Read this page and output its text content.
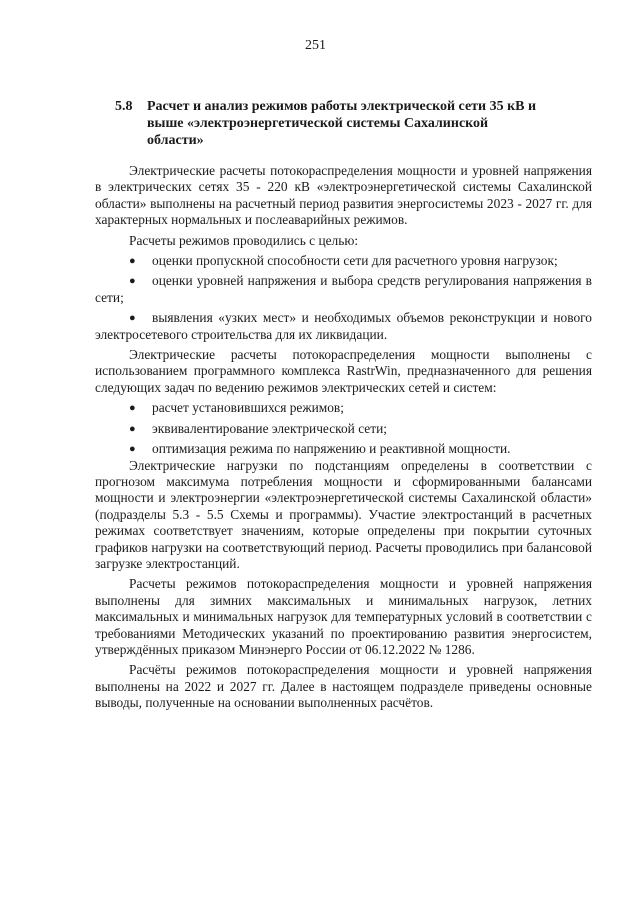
251
5.8 Расчет и анализ режимов работы электрической сети 35 кВ и выше «электроэнергетической системы Сахалинской области»

Электрические расчеты потокораспределения мощности и уровней напряжения в электрических сетях 35 - 220 кВ «электроэнергетической системы Сахалинской области» выполнены на расчетный период развития энергосистемы 2023 - 2027 гг. для характерных нормальных и послеаварийных режимов.

Расчеты режимов проводились с целью:

● оценки пропускной способности сети для расчетного уровня нагрузок;
● оценки уровней напряжения и выбора средств регулирования напряжения в сети;
● выявления «узких мест» и необходимых объемов реконструкции и нового электросетевого строительства для их ликвидации.

Электрические расчеты потокораспределения мощности выполнены с использованием программного комплекса RastrWin, предназначенного для решения следующих задач по ведению режимов электрических сетей и систем:

● расчет установившихся режимов;
● эквивалентирование электрической сети;
● оптимизация режима по напряжению и реактивной мощности.

Электрические нагрузки по подстанциям определены в соответствии с прогнозом максимума потребления мощности и сформированными балансами мощности и электроэнергии «электроэнергетической системы Сахалинской области» (подразделы 5.3 - 5.5 Схемы и программы). Участие электростанций в расчетных режимах соответствует значениям, которые определены при покрытии суточных графиков нагрузки на соответствующий период. Расчеты проводились при балансовой загрузке электростанций.

Расчеты режимов потокораспределения мощности и уровней напряжения выполнены для зимних максимальных и минимальных нагрузок, летних максимальных и минимальных нагрузок для температурных условий в соответствии с требованиями Методических указаний по проектированию развития энергосистем, утверждённых приказом Минэнерго России от 06.12.2022 № 1286.

Расчёты режимов потокораспределения мощности и уровней напряжения выполнены на 2022 и 2027 гг. Далее в настоящем подразделе приведены основные выводы, полученные на основании выполненных расчётов.
